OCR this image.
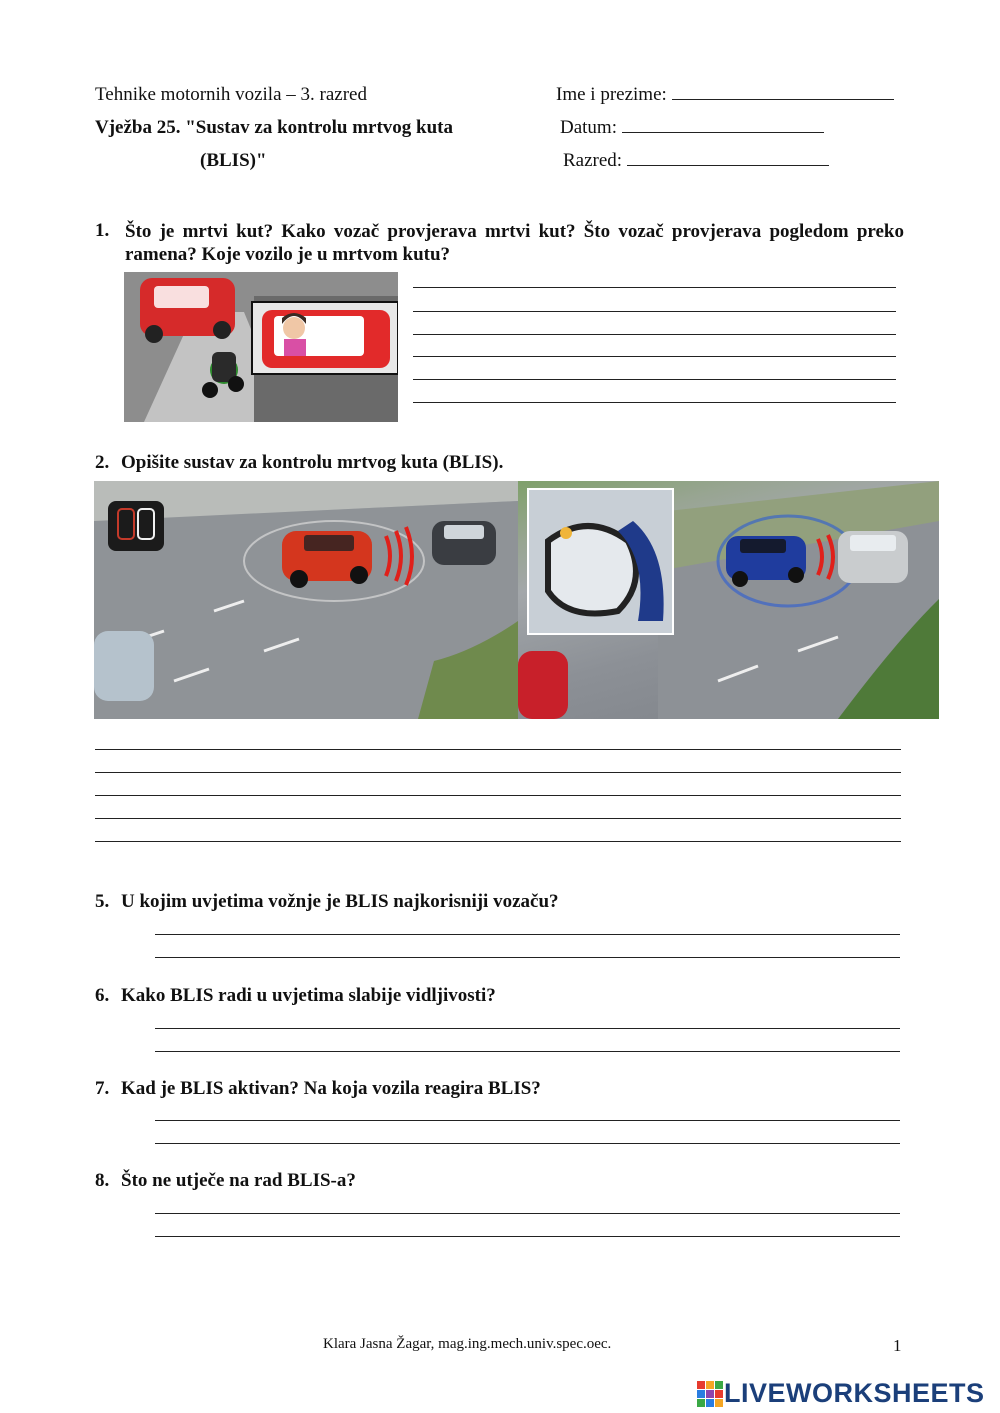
Tehnike motornih vozila – 3. razred
Vježba 25. "Sustav za kontrolu mrtvog kuta
(BLIS)"
Ime i prezime:
Datum:
Razred:
1. Što je mrtvi kut? Kako vozač provjerava mrtvi kut? Što vozač provjerava pogledom preko ramena? Koje vozilo je u mrtvom kutu?
2. Opišite sustav za kontrolu mrtvog kuta (BLIS).
5. U kojim uvjetima vožnje je BLIS najkorisniji vozaču?
6. Kako BLIS radi u uvjetima slabije vidljivosti?
7. Kad je BLIS aktivan? Na koja vozila reagira BLIS?
8. Što ne utječe na rad BLIS-a?
Klara Jasna Žagar, mag.ing.mech.univ.spec.oec.	1
LIVEWORKSHEETS
